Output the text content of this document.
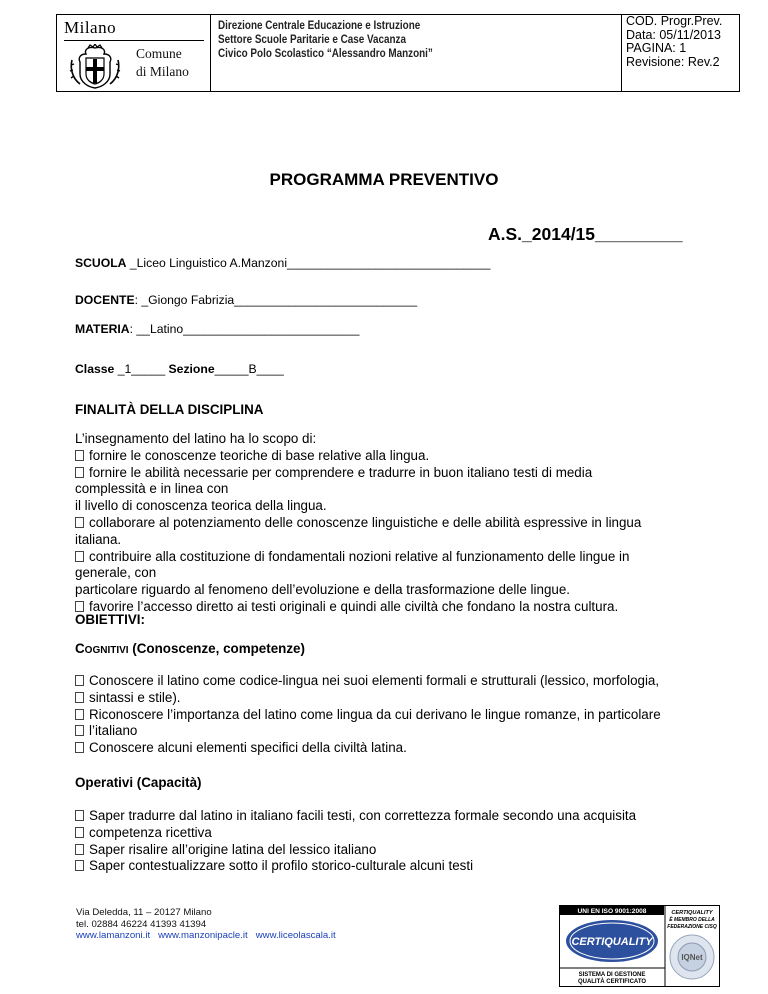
Milano
Comune
di Milano
Direzione Centrale Educazione e Istruzione
Settore Scuole Paritarie e Case Vacanza
Civico Polo Scolastico “Alessandro Manzoni”
COD. Progr.Prev.
Data: 05/11/2013
PAGINA: 1
Revisione: Rev.2
PROGRAMMA PREVENTIVO
A.S._2014/15_________
SCUOLA _Liceo Linguistico A.Manzoni______________________________
DOCENTE: _Giongo Fabrizia___________________________
MATERIA: __Latino__________________________
Classe _1_____ Sezione_____B____
FINALITÀ DELLA DISCIPLINA
L’insegnamento del latino ha lo scopo di:
fornire le conoscenze teoriche di base relative alla lingua.
fornire le abilità necessarie per comprendere e tradurre in buon italiano testi di media
complessità e in linea con
il livello di conoscenza teorica della lingua.
collaborare al potenziamento delle conoscenze linguistiche e delle abilità espressive in lingua
italiana.
contribuire alla costituzione di fondamentali nozioni relative al funzionamento delle lingue in
generale, con
particolare riguardo al fenomeno dell’evoluzione e della trasformazione delle lingue.
favorire l’accesso diretto ai testi originali e quindi alle civiltà che fondano la nostra cultura.
OBIETTIVI:
COGNITIVI (Conoscenze, competenze)
Conoscere il latino come codice-lingua nei suoi elementi formali e strutturali (lessico, morfologia,
sintassi e stile).
Riconoscere l’importanza del latino come lingua da cui derivano le lingue romanze, in particolare
l’italiano
Conoscere alcuni elementi specifici della civiltà latina.
Operativi (Capacità)
Saper tradurre dal latino in italiano facili testi, con correttezza formale secondo una acquisita
competenza ricettiva
Saper risalire all’origine latina del lessico italiano
Saper contestualizzare sotto il profilo storico-culturale alcuni testi
Via Deledda, 11 – 20127 Milano
tel. 02884 46224 41393 41394
www.lamanzoni.it www.manzonipacle.it www.liceolascala.it
UNI EN ISO 9001:2008
CERTIQUALITY
SISTEMA DI GESTIONE
QUALITÀ CERTIFICATO
CERTIQUALITY
È MEMBRO DELLA
FEDERAZIONE CISQ
IQNet
